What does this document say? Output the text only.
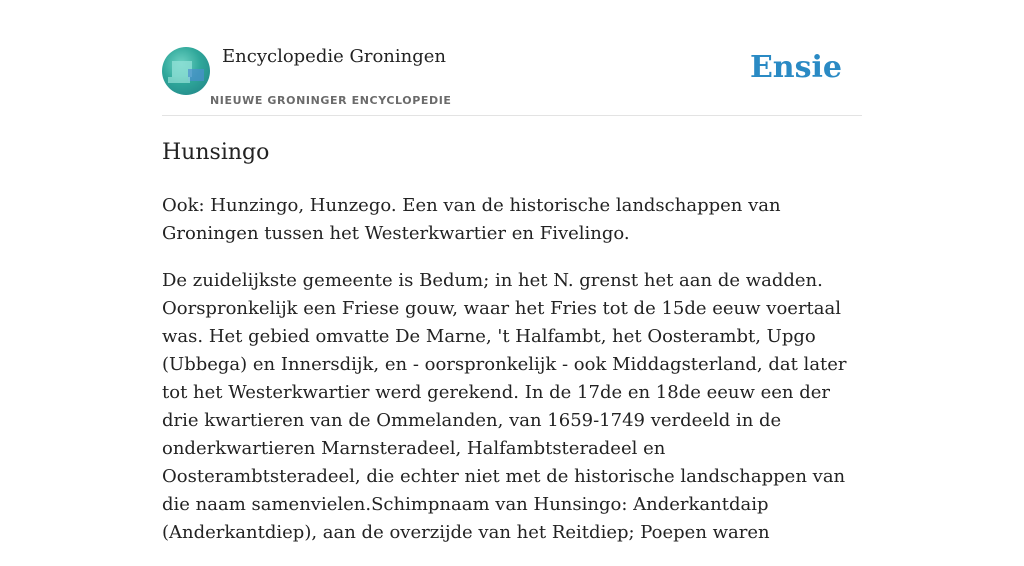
Encyclopedie Groningen
NIEUWE GRONINGER ENCYCLOPEDIE
Ensie
Hunsingo

Ook: Hunzingo, Hunzego. Een van de historische landschappen van Groningen tussen het Westerkwartier en Fivelingo.

De zuidelijkste gemeente is Bedum; in het N. grenst het aan de wadden. Oorspronkelijk een Friese gouw, waar het Fries tot de 15de eeuw voertaal was. Het gebied omvatte De Marne, 't Halfambt, het Oosterambt, Upgo (Ubbega) en Innersdijk, en - oorspronkelijk - ook Middagsterland, dat later tot het Westerkwartier werd gerekend. In de 17de en 18de eeuw een der drie kwartieren van de Ommelanden, van 1659-1749 verdeeld in de onderkwartieren Marnsteradeel, Halfambtsteradeel en Oosterambtsteradeel, die echter niet met de historische landschappen van die naam samenvielen.Schimpnaam van Hunsingo: Anderkantdaip (Anderkantdiep), aan de overzijde van het Reitdiep; Poepen waren
